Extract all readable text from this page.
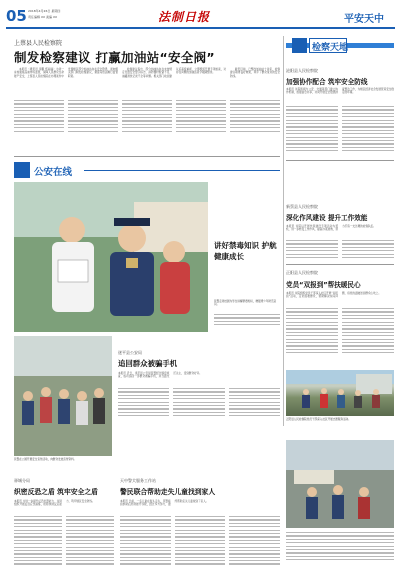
05 2018年4月26日 星期四
责任编辑 XX 美编 XX	法制日报	平安天中
上蔡县人民检察院
制发检察建议 打赢加油站“安全阀”

本报讯（通讯员 李鹏 郑丽丽）为进一步加强成品油市场监管，保障人民群众生命财产安全，上蔡县人民检察院在办理案件中发现辖区部分加油站存在安全隐患，遂向相关部门制发检察建议，督促其依法履行监管职责。

检察建议指出，部分加油站存在未按规定设置安全警示标志、消防器材配备不足、油罐清洗记录不全等问题。相关部门收到建议后高度重视，立即组织开展专项检查，对存在问题的加油站责令限期整改。

截至目前，已整改加油站十余家，检察建议取得良好效果，筑牢了群众身边的安全防线。

检察天地
泌阳县人民检察院
加强协作配合 筑牢安全防线
本报讯 该院积极与公安、交通等部门建立协作机制，加强信息共享，共同开展安全隐患排查整治工作，为辖区经济社会发展营造安全稳定的环境。
新蔡县人民检察院
深化作风建设 提升工作效能
本报讯 该院以开展作风建设专项活动为契机，进一步转变工作作风，提高办案质效，努力打造一支过硬的检察队伍。
正阳县人民检察院
党员“双报到”帮扶暖民心
本报讯 该院组织党员干部深入社区开展“双报到”活动，走访困难群众，帮助解决实际问题，将党的温暖送到群众心坎上。
正阳县人民检察院党员干部深入社区开展志愿服务活动。
公安在线
讲好禁毒知识 护航健康成长
民警走进校园为学生讲解禁毒知识，增强青少年防范意识。
遂平县公安局
追回群众被骗手机
本报讯 近日，遂平县公安局民警经过缜密侦查，成功追回一部群众被骗手机，并当面交还失主，受到群众好评。
民警在公园开展安全宣传活动，向群众发放宣传资料。
驿城分局
织密反恐之盾 筑牢安全之盾
本报讯 为进一步提升反恐处置能力，该局组织开展反恐应急演练，检验快速反应能力，筑牢辖区安全防线。
天中警犬服务工作站
警民联合帮助走失儿童找到家人
本报讯 日前，一名儿童在街头走失，民警接到求助后迅速展开寻找，经过多方努力，最终帮助走失儿童找到了家人。
